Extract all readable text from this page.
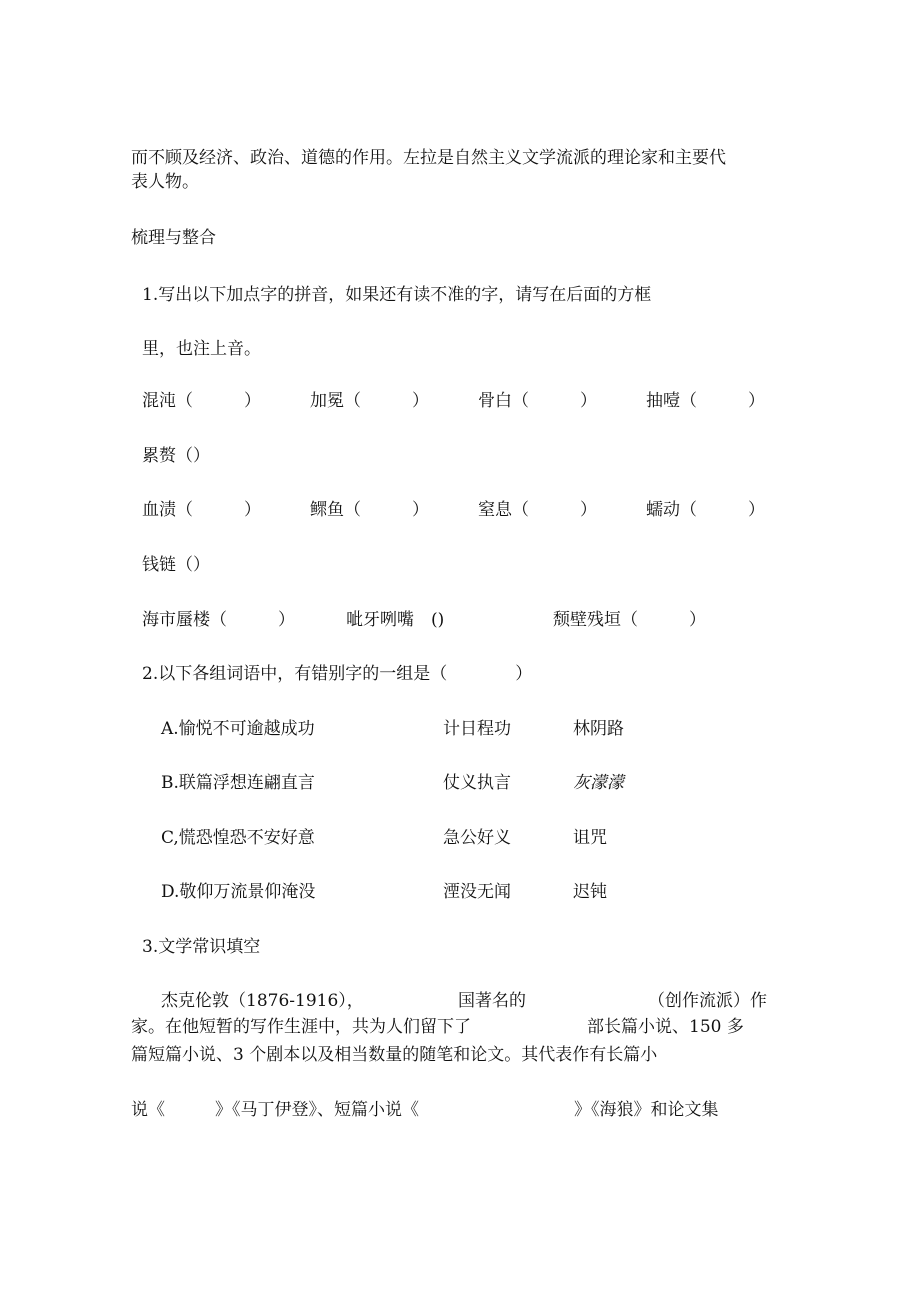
而不顾及经济、政治、道德的作用。左拉是自然主义文学流派的理论家和主要代
表人物。
梳理与整合
1.写出以下加点字的拼音，如果还有读不准的字，请写在后面的方框
里，也注上音。
混沌（　　　）	加冕（　　　）	骨白（　　　）	抽噎（　　　）
累赘（）
血渍（　　　）	鳏鱼（　　　）	窒息（　　　）	蠕动（　　　）
钱链（）
海市蜃楼（　　　）	呲牙咧嘴　()	颓壁残垣（　　　）
2.以下各组词语中，有错别字的一组是（　　　　）
A.愉悦不可逾越成功	计日程功	林阴路
B.联篇浮想连翩直言	仗义执言	灰濛濛
C,慌恐惶恐不安好意	急公好义	诅咒
D.敬仰万流景仰淹没	湮没无闻	迟钝
3.文学常识填空
杰克伦敦（1876-1916），	国著名的	（创作流派）作
家。在他短暂的写作生涯中，共为人们留下了	部长篇小说、150 多
篇短篇小说、3 个剧本以及相当数量的随笔和论文。其代表作有长篇小
说《	》《马丁伊登》、短篇小说《	》《海狼》和论文集
